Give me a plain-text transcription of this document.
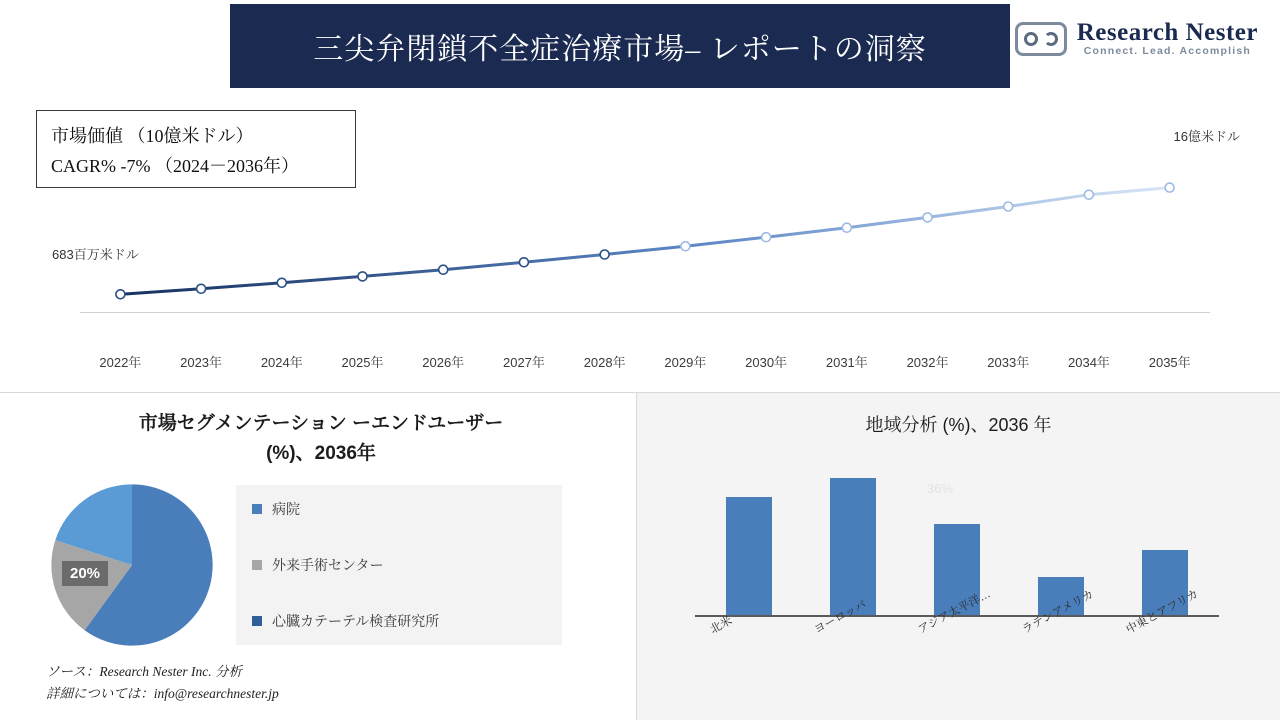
三尖弁閉鎖不全症治療市場– レポートの洞察
Research Nester
Connect. Lead. Accomplish
市場価値 （10億米ドル）
CAGR% -7% （2024－2036年）
683百万米ドル
16億米ドル
2022年	2023年	2024年	2025年	2026年	2027年	2028年	2029年	2030年	2031年	2032年	2033年	2034年	2035年
市場セグメンテーション ーエンドユーザー
(%)、2036年
20%
病院
外来手術センター
心臓カテーテル検査研究所
ソース：Research Nester Inc. 分析
詳細については：info@researchnester.jp
地域分析 (%)、2036 年
36%
北米	ヨーロッパ	アジア太平洋…	ラテンアメリカ	中東とアフリカ
